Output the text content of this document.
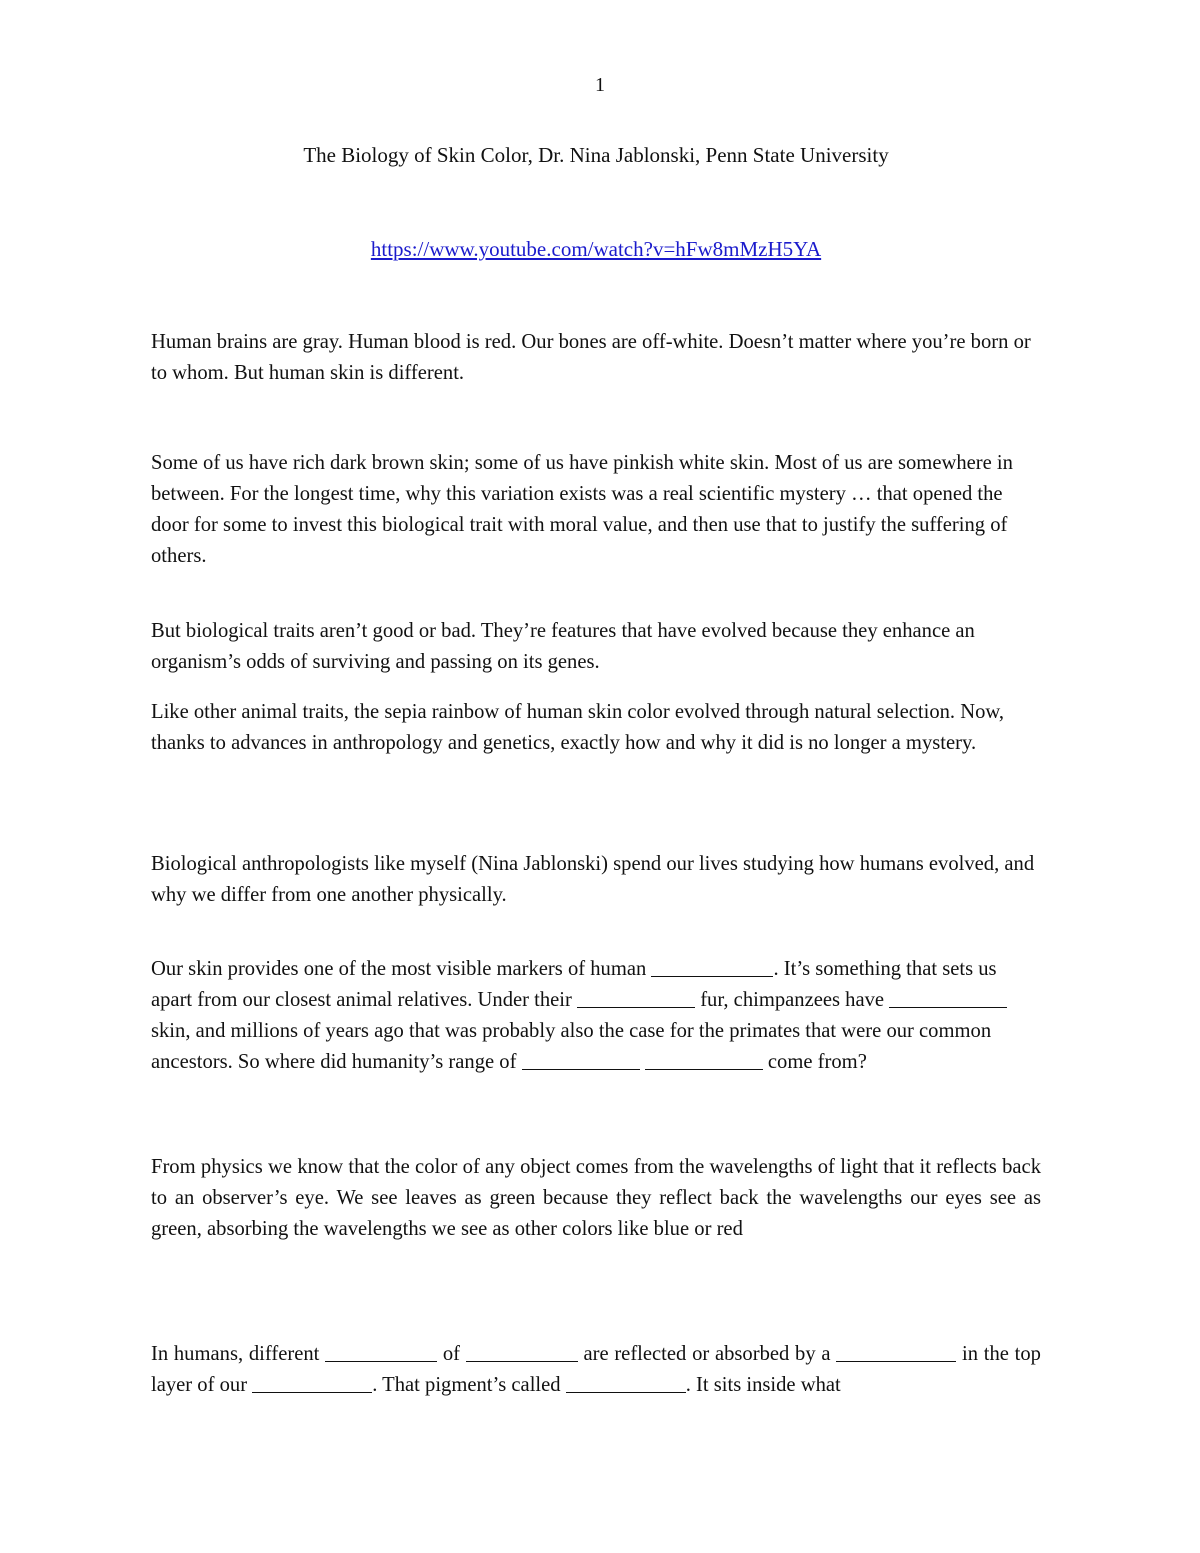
1
The Biology of Skin Color, Dr. Nina Jablonski, Penn State University
https://www.youtube.com/watch?v=hFw8mMzH5YA

Human brains are gray. Human blood is red. Our bones are off-white. Doesn’t matter where you’re born or to whom. But human skin is different.

Some of us have rich dark brown skin; some of us have pinkish white skin. Most of us are somewhere in between. For the longest time, why this variation exists was a real scientific mystery … that opened the door for some to invest this biological trait with moral value, and then use that to justify the suffering of others.

But biological traits aren’t good or bad. They’re features that have evolved because they enhance an organism’s odds of surviving and passing on its genes.

Like other animal traits, the sepia rainbow of human skin color evolved through natural selection. Now, thanks to advances in anthropology and genetics, exactly how and why it did is no longer a mystery.

Biological anthropologists like myself (Nina Jablonski) spend our lives studying how humans evolved, and why we differ from one another physically.

Our skin provides one of the most visible markers of human	. It’s something that sets us apart from our closest animal relatives. Under their	fur, chimpanzees have  skin, and millions of years ago that was probably also the case for the primates that were our common ancestors. So where did humanity’s range of	come from?

From physics we know that the color of any object comes from the wavelengths of light that it reflects back to an observer’s eye. We see leaves as green because they reflect back the wavelengths our eyes see as green, absorbing the wavelengths we see as other colors like blue or red

In humans, different	of	are reflected or absorbed by a	in the top layer of our	. That pigment’s called	. It sits inside what
